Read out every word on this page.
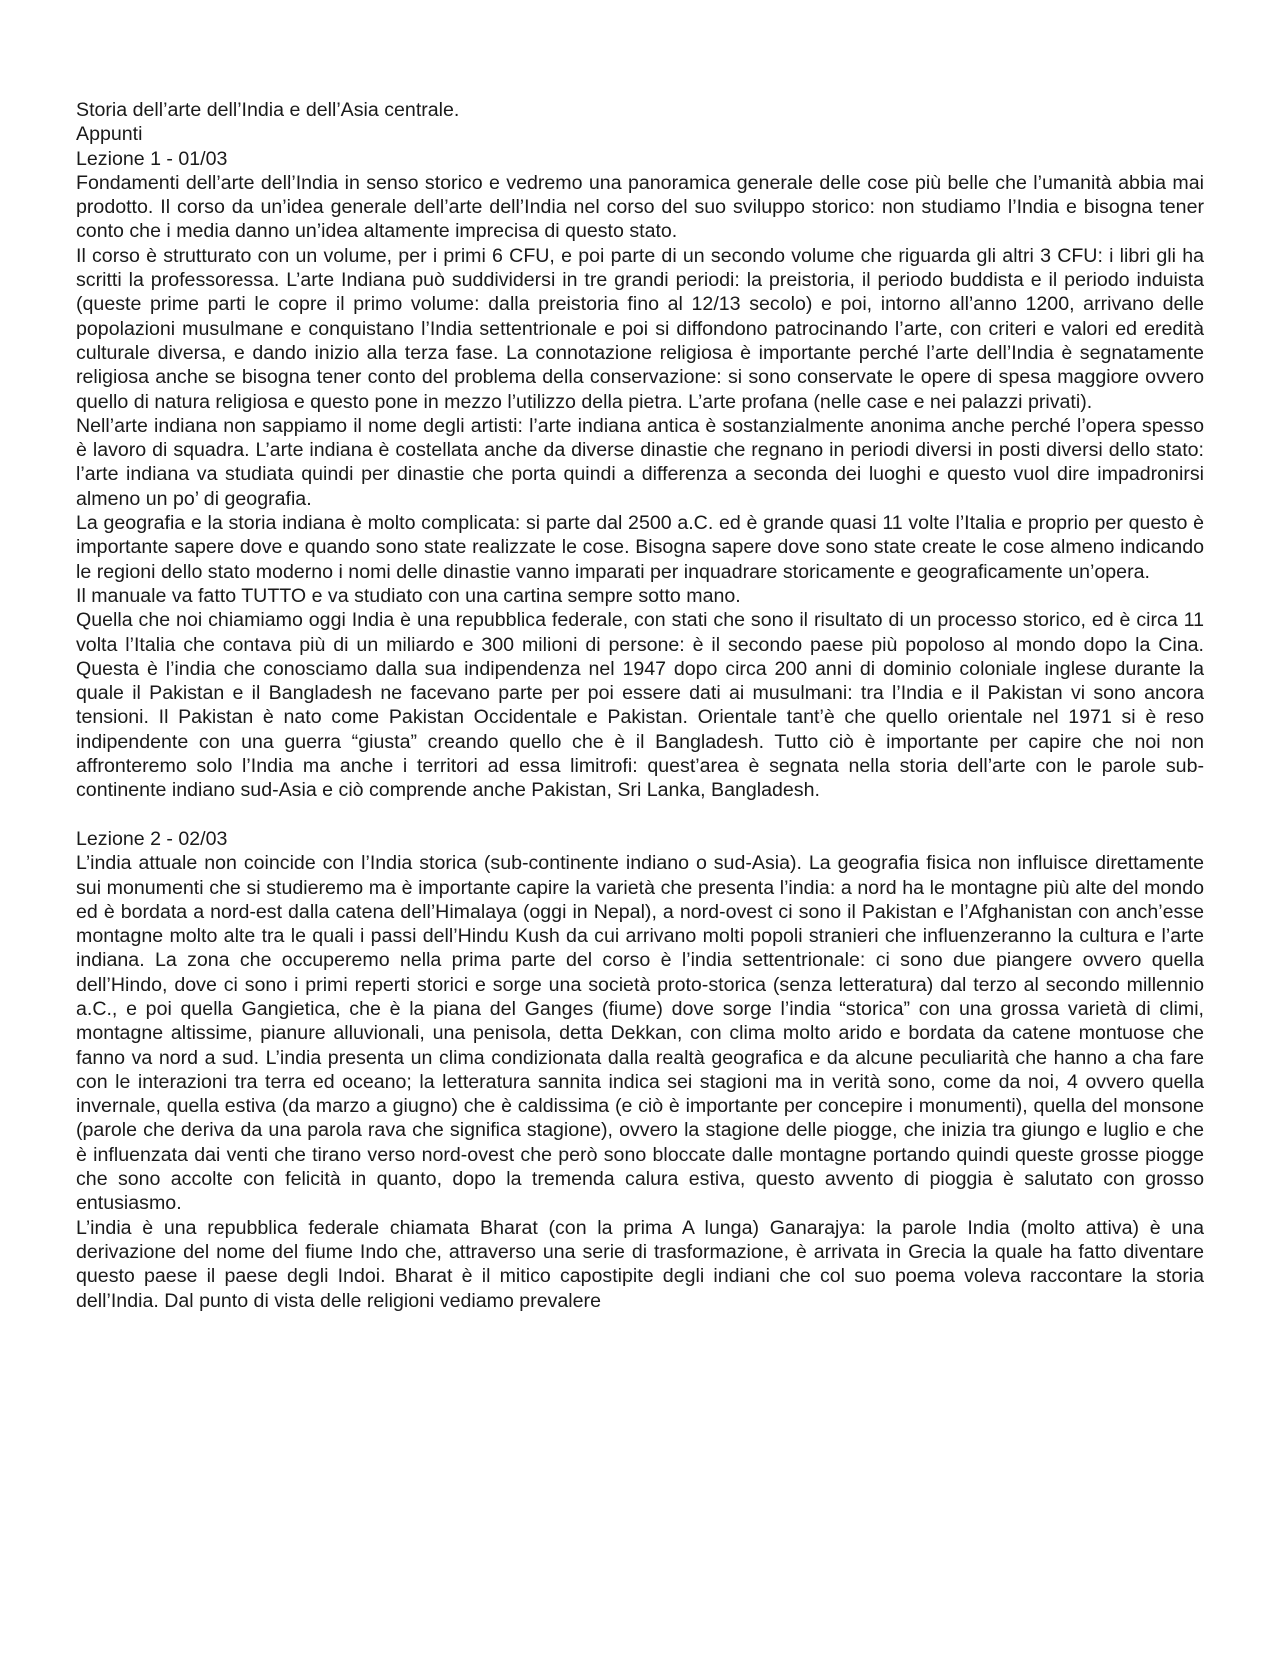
Storia dell’arte dell’India e dell’Asia centrale.

Appunti

Lezione 1 - 01/03

Fondamenti dell’arte dell’India in senso storico e vedremo una panoramica generale delle cose più belle che l’umanità abbia mai prodotto. Il corso da un’idea generale dell’arte dell’India nel corso del suo sviluppo storico: non studiamo l’India e bisogna tener conto che i media danno un’idea altamente imprecisa di questo stato.

Il corso è strutturato con un volume, per i primi 6 CFU, e poi parte di un secondo volume che riguarda gli altri 3 CFU: i libri gli ha scritti la professoressa. L’arte Indiana può suddividersi in tre grandi periodi: la preistoria, il periodo buddista e il periodo induista (queste prime parti le copre il primo volume: dalla preistoria fino al 12/13 secolo) e poi, intorno all’anno 1200, arrivano delle popolazioni musulmane e conquistano l’India settentrionale e poi si diffondono patrocinando l’arte, con criteri e valori ed eredità culturale diversa, e dando inizio alla terza fase. La connotazione religiosa è importante perché l’arte dell’India è segnatamente religiosa anche se bisogna tener conto del problema della conservazione: si sono conservate le opere di spesa maggiore ovvero quello di natura religiosa e questo pone in mezzo l’utilizzo della pietra. L’arte profana (nelle case e nei palazzi privati).

Nell’arte indiana non sappiamo il nome degli artisti: l’arte indiana antica è sostanzialmente anonima anche perché l’opera spesso è lavoro di squadra. L’arte indiana è costellata anche da diverse dinastie che regnano in periodi diversi in posti diversi dello stato: l’arte indiana va studiata quindi per dinastie che porta quindi a differenza a seconda dei luoghi e questo vuol dire impadronirsi almeno un po’ di geografia.

La geografia e la storia indiana è molto complicata: si parte dal 2500 a.C. ed è grande quasi 11 volte l’Italia e proprio per questo è importante sapere dove e quando sono state realizzate le cose. Bisogna sapere dove sono state create le cose almeno indicando le regioni dello stato moderno i nomi delle dinastie vanno imparati per inquadrare storicamente e geograficamente un’opera.

Il manuale va fatto TUTTO e va studiato con una cartina sempre sotto mano.

Quella che noi chiamiamo oggi India è una repubblica federale, con stati che sono il risultato di un processo storico, ed è circa 11 volta l’Italia che contava più di un miliardo e 300 milioni di persone: è il secondo paese più popoloso al mondo dopo la Cina. Questa è l’india che conosciamo dalla sua indipendenza nel 1947 dopo circa 200 anni di dominio coloniale inglese durante la quale il Pakistan e il Bangladesh ne facevano parte per poi essere dati ai musulmani: tra l’India e il Pakistan vi sono ancora tensioni. Il Pakistan è nato come Pakistan Occidentale e Pakistan. Orientale tant’è che quello orientale nel 1971 si è reso indipendente con una guerra “giusta” creando quello che è il Bangladesh. Tutto ciò è importante per capire che noi non affronteremo solo l’India ma anche i territori ad essa limitrofi: quest’area è segnata nella storia dell’arte con le parole sub-continente indiano sud-Asia e ciò comprende anche Pakistan, Sri Lanka, Bangladesh.

Lezione 2 - 02/03

L’india attuale non coincide con l’India storica (sub-continente indiano o sud-Asia). La geografia fisica non influisce direttamente sui monumenti che si studieremo ma è importante capire la varietà che presenta l’india: a nord ha le montagne più alte del mondo ed è bordata a nord-est dalla catena dell’Himalaya (oggi in Nepal), a nord-ovest ci sono il Pakistan e l’Afghanistan con anch’esse montagne molto alte tra le quali i passi dell’Hindu Kush da cui arrivano molti popoli stranieri che influenzeranno la cultura e l’arte indiana. La zona che occuperemo nella prima parte del corso è l’india settentrionale: ci sono due piangere ovvero quella dell’Hindo, dove ci sono i primi reperti storici e sorge una società proto-storica (senza letteratura) dal terzo al secondo millennio a.C., e poi quella Gangietica, che è la piana del Ganges (fiume) dove sorge l’india “storica” con una grossa varietà di climi, montagne altissime, pianure alluvionali, una penisola, detta Dekkan, con clima molto arido e bordata da catene montuose che fanno va nord a sud. L’india presenta un clima condizionata dalla realtà geografica e da alcune peculiarità che hanno a cha fare con le interazioni tra terra ed oceano; la letteratura sannita indica sei stagioni ma in verità sono, come da noi, 4 ovvero quella invernale, quella estiva (da marzo a giugno) che è caldissima (e ciò è importante per concepire i monumenti), quella del monsone (parole che deriva da una parola rava che significa stagione), ovvero la stagione delle piogge, che inizia tra giungo e luglio e che è influenzata dai venti che tirano verso nord-ovest che però sono bloccate dalle montagne portando quindi queste grosse piogge che sono accolte con felicità in quanto, dopo la tremenda calura estiva, questo avvento di pioggia è salutato con grosso entusiasmo.

L’india è una repubblica federale chiamata Bharat (con la prima A lunga) Ganarajya: la parole India (molto attiva) è una derivazione del nome del fiume Indo che, attraverso una serie di trasformazione, è arrivata in Grecia la quale ha fatto diventare questo paese il paese degli Indoi. Bharat è il mitico capostipite degli indiani che col suo poema voleva raccontare la storia dell’India. Dal punto di vista delle religioni vediamo prevalere
